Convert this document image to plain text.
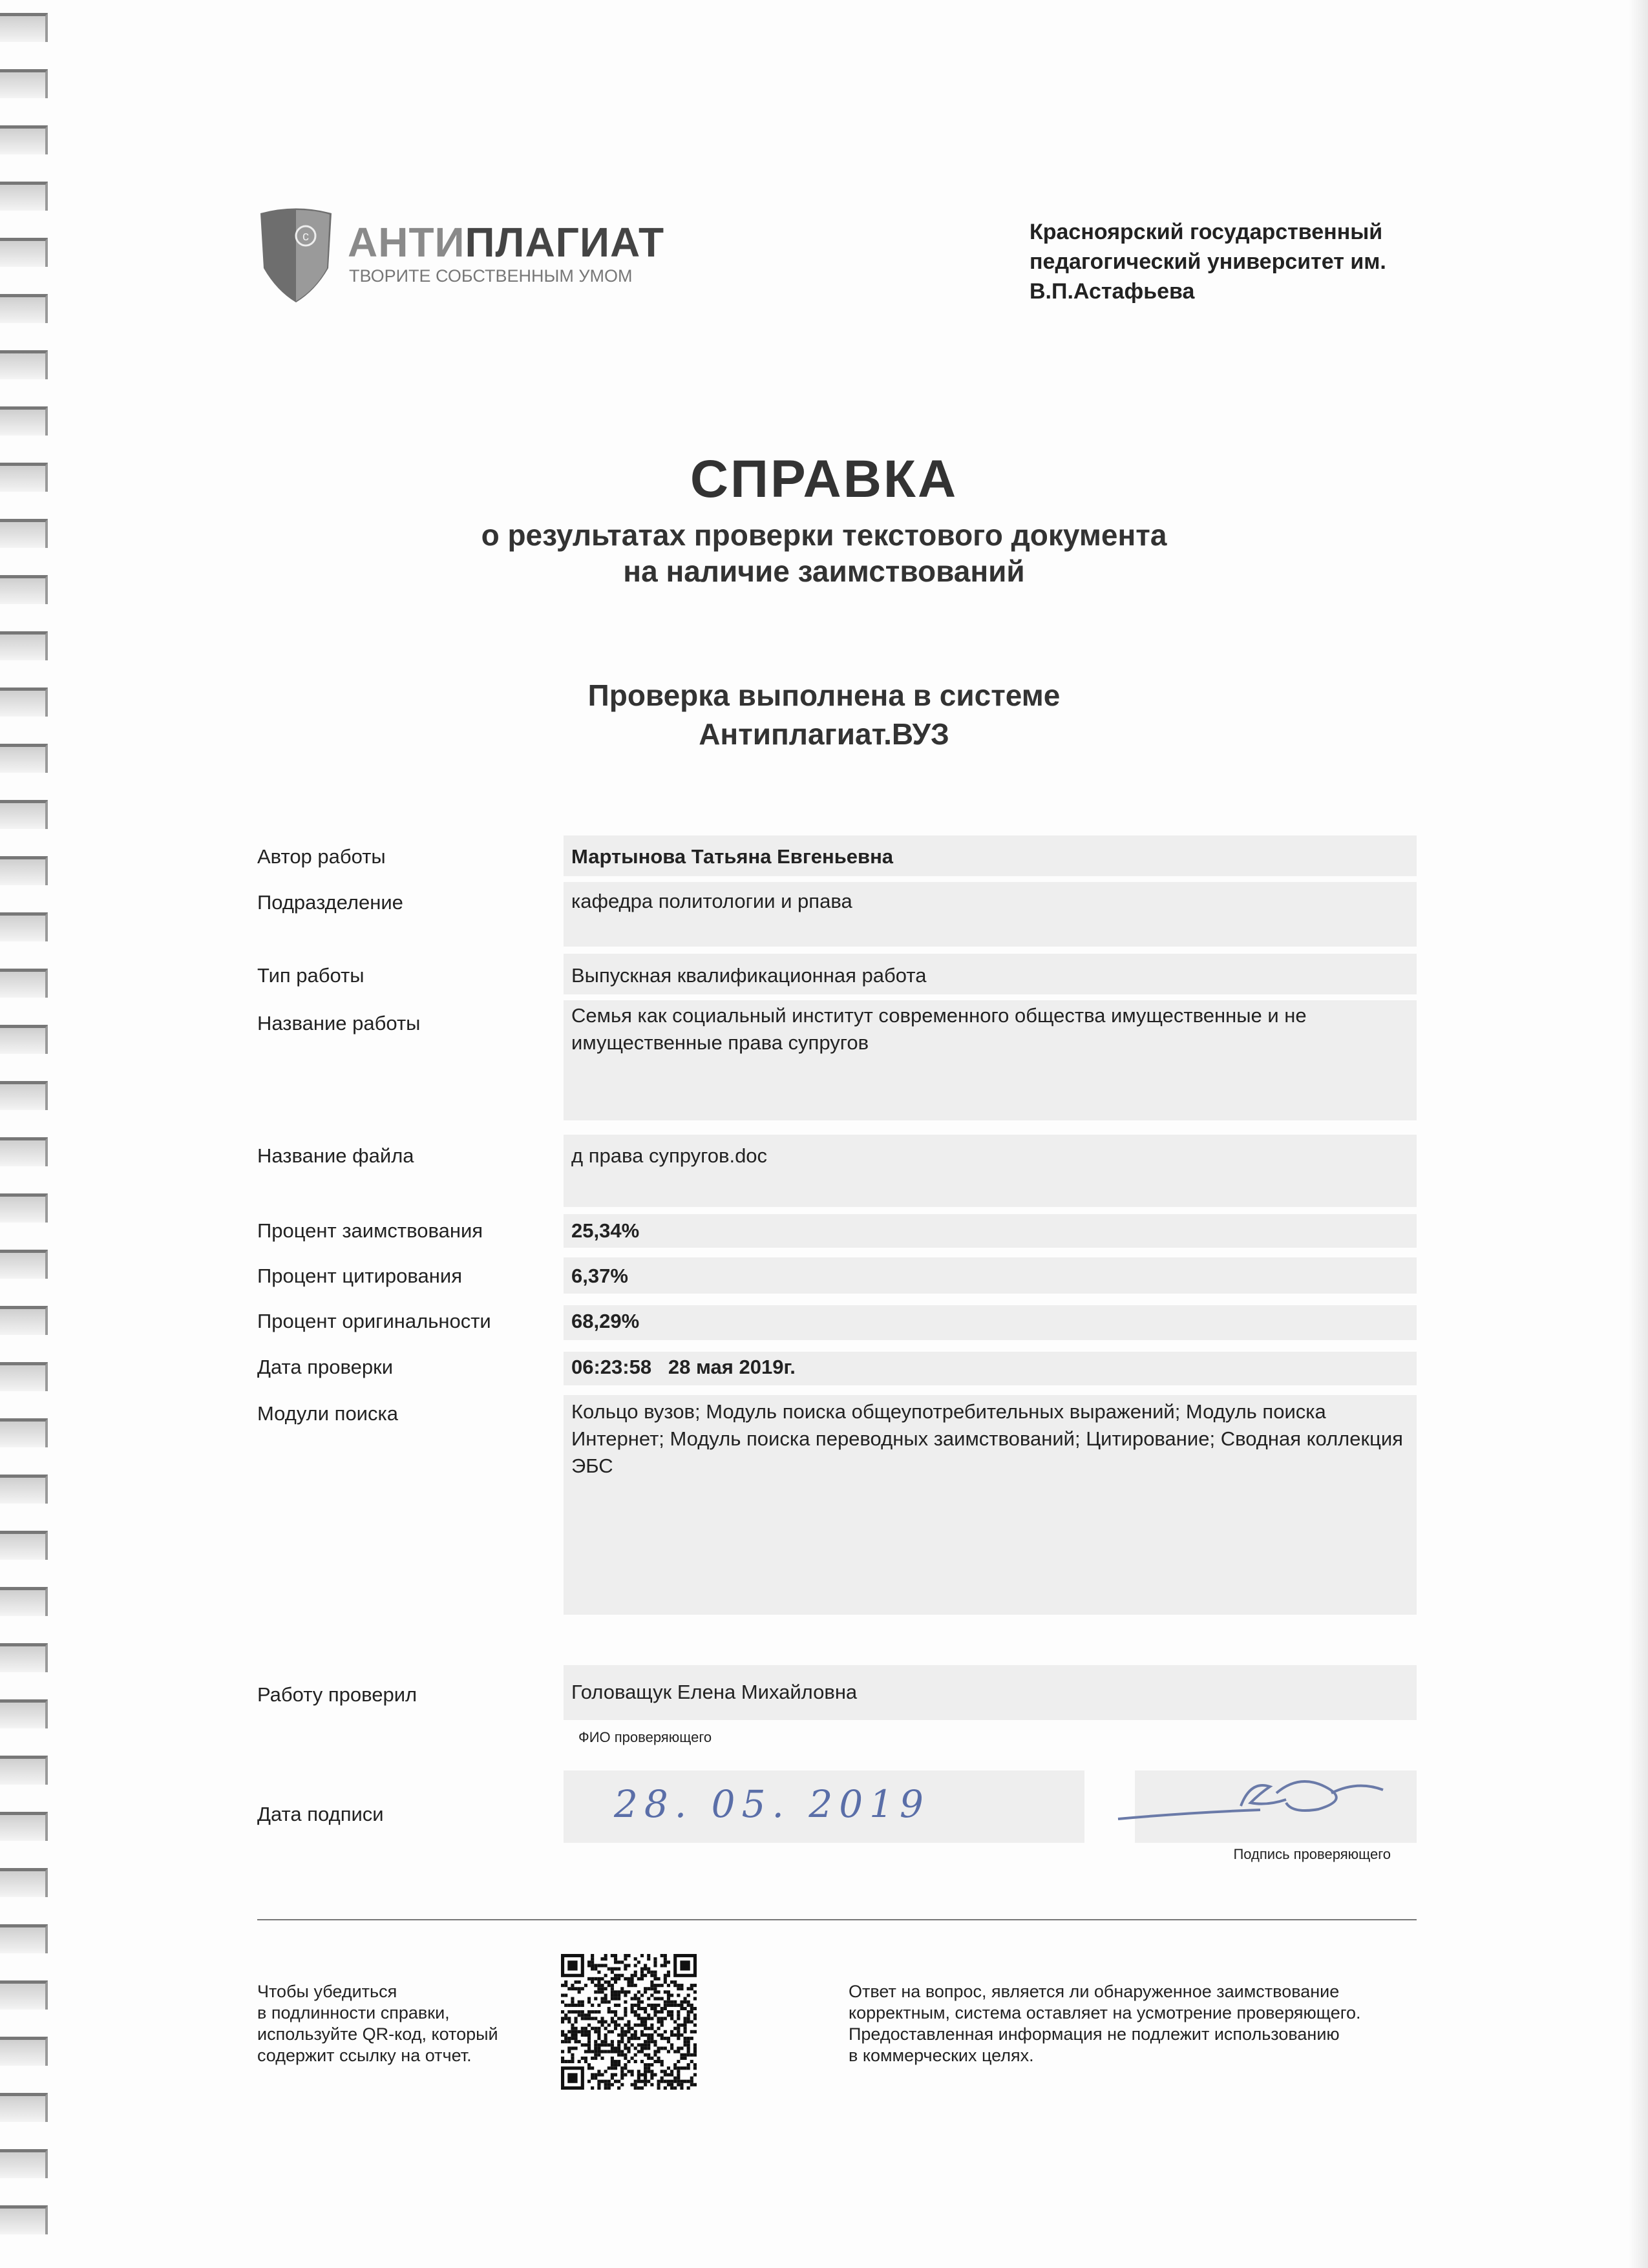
c АНТИПЛАГИАТ
ТВОРИТЕ СОБСТВЕННЫМ УМОМ
Красноярский государственный
педагогический университет им.
В.П.Астафьева
СПРАВКА
о результатах проверки текстового документа
на наличие заимствований
Проверка выполнена в системе
Антиплагиат.ВУЗ
Автор работы
Подразделение
Тип работы
Название работы
Название файла
Процент заимствования
Процент цитирования
Процент оригинальности
Дата проверки
Модули поиска
Работу проверил
Дата подписи
Мартынова Татьяна Евгеньевна
кафедра политологии и рпава
Выпускная квалификационная работа
Семья как социальный институт современного общества имущественные и не имущественные права супругов
д права супругов.doc
25,34%
6,37%
68,29%
06:23:58   28 мая 2019г.
Кольцо вузов; Модуль поиска общеупотребительных выражений; Модуль поиска Интернет; Модуль поиска переводных заимствований; Цитирование; Сводная коллекция ЭБС
Головащук Елена Михайловна
ФИО проверяющего
28. 05. 2019
Подпись проверяющего
Чтобы убедиться
в подлинности справки,
используйте QR-код, который
содержит ссылку на отчет.
Ответ на вопрос, является ли обнаруженное заимствование
корректным, система оставляет на усмотрение проверяющего.
Предоставленная информация не подлежит использованию
в коммерческих целях.
